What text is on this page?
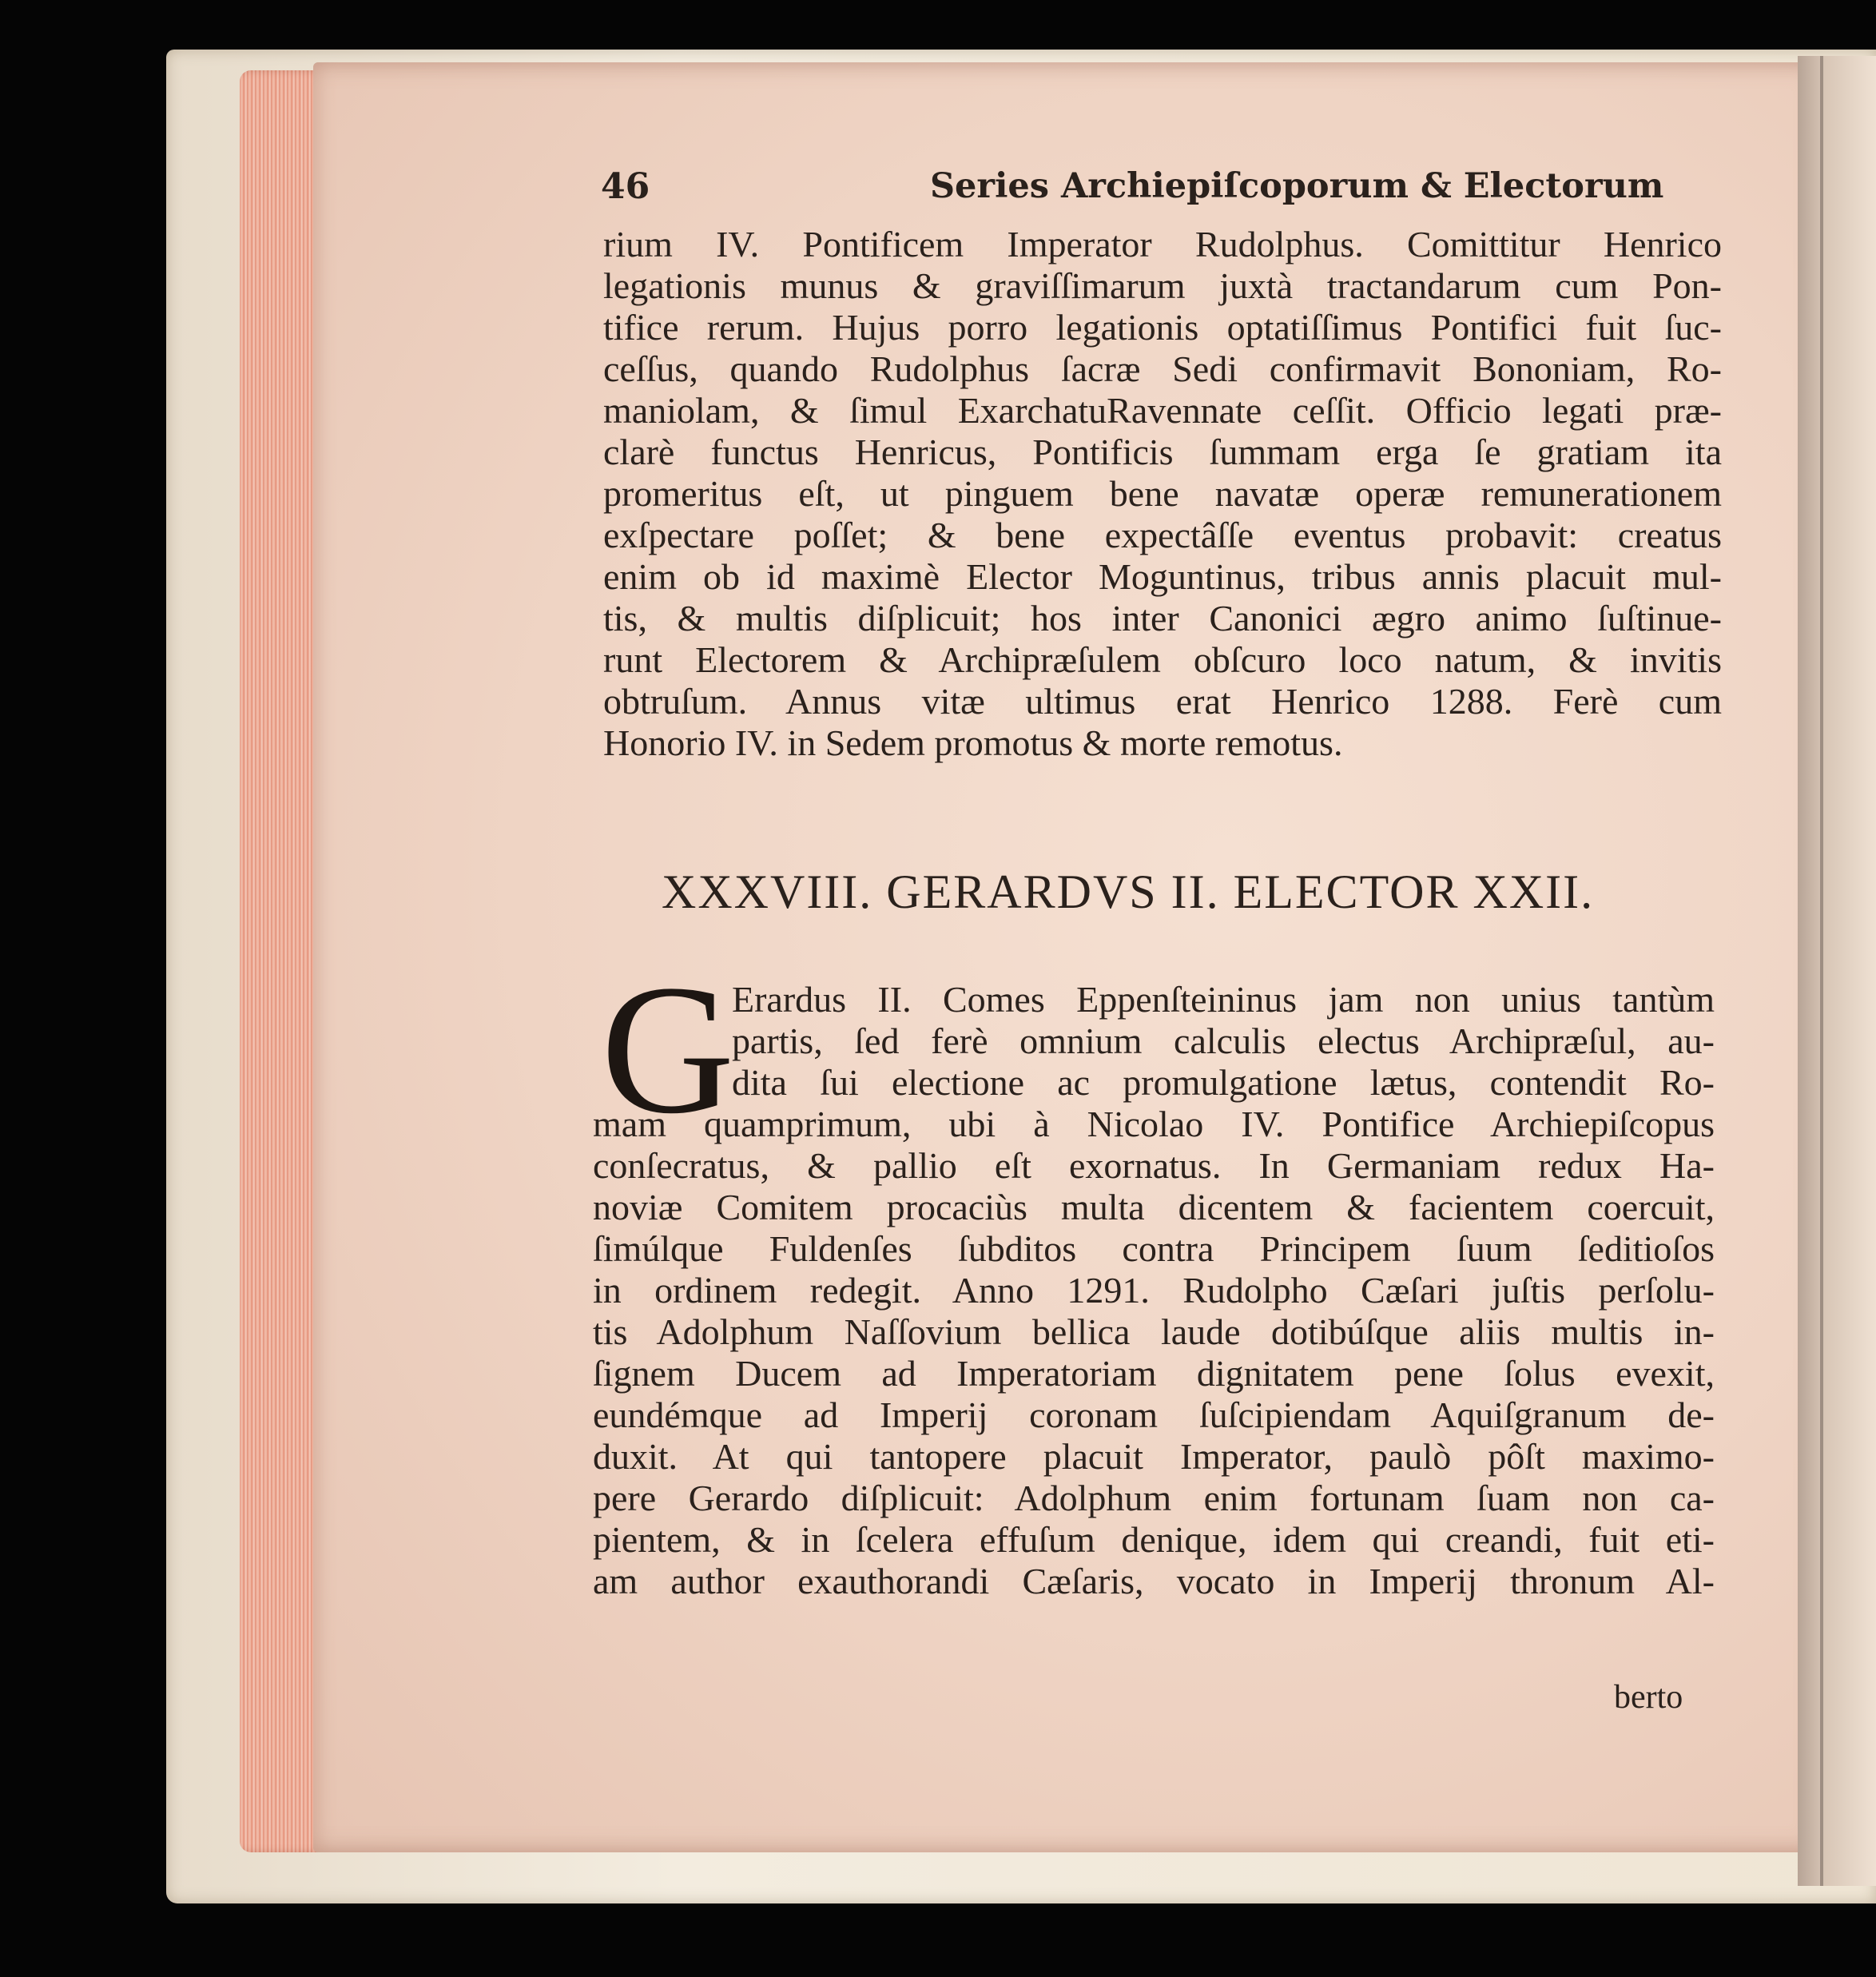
46	Series Archiepiſcoporum & Electorum
rium IV. Pontificem Imperator Rudolphus. Comittitur Henrico
legationis munus & graviſſimarum juxtà tractandarum cum Pon-
tifice rerum. Hujus porro legationis optatiſſimus Pontifici fuit ſuc-
ceſſus, quando Rudolphus ſacræ Sedi confirmavit Bononiam, Ro-
maniolam, & ſimul ExarchatuRavennate ceſſit. Officio legati præ-
clarè functus Henricus, Pontificis ſummam erga ſe gratiam ita
promeritus eſt, ut pinguem bene navatæ operæ remunerationem
exſpectare poſſet; & bene expectâſſe eventus probavit: creatus
enim ob id maximè Elector Moguntinus, tribus annis placuit mul-
tis, & multis diſplicuit; hos inter Canonici ægro animo ſuſtinue-
runt Electorem & Archipræſulem obſcuro loco natum, & invitis
obtruſum. Annus vitæ ultimus erat Henrico 1288. Ferè cum
Honorio IV. in Sedem promotus & morte remotus.
XXXVIII. GERARDVS II. ELECTOR XXII.
G
Erardus II. Comes Eppenſteininus jam non unius tantùm
partis, ſed ferè omnium calculis electus Archipræſul, au-
dita ſui electione ac promulgatione lætus, contendit Ro-
mam quamprimum, ubi à Nicolao IV. Pontifice Archiepiſcopus
conſecratus, & pallio eſt exornatus. In Germaniam redux Ha-
noviæ Comitem procaciùs multa dicentem & facientem coercuit,
ſimúlque Fuldenſes ſubditos contra Principem ſuum ſeditioſos
in ordinem redegit. Anno 1291. Rudolpho Cæſari juſtis perſolu-
tis Adolphum Naſſovium bellica laude dotibúſque aliis multis in-
ſignem Ducem ad Imperatoriam dignitatem pene ſolus evexit,
eundémque ad Imperij coronam ſuſcipiendam Aquiſgranum de-
duxit. At qui tantopere placuit Imperator, paulò pôſt maximo-
pere Gerardo diſplicuit: Adolphum enim fortunam ſuam non ca-
pientem, & in ſcelera effuſum denique, idem qui creandi, fuit eti-
am author exauthorandi Cæſaris, vocato in Imperij thronum Al-
berto
